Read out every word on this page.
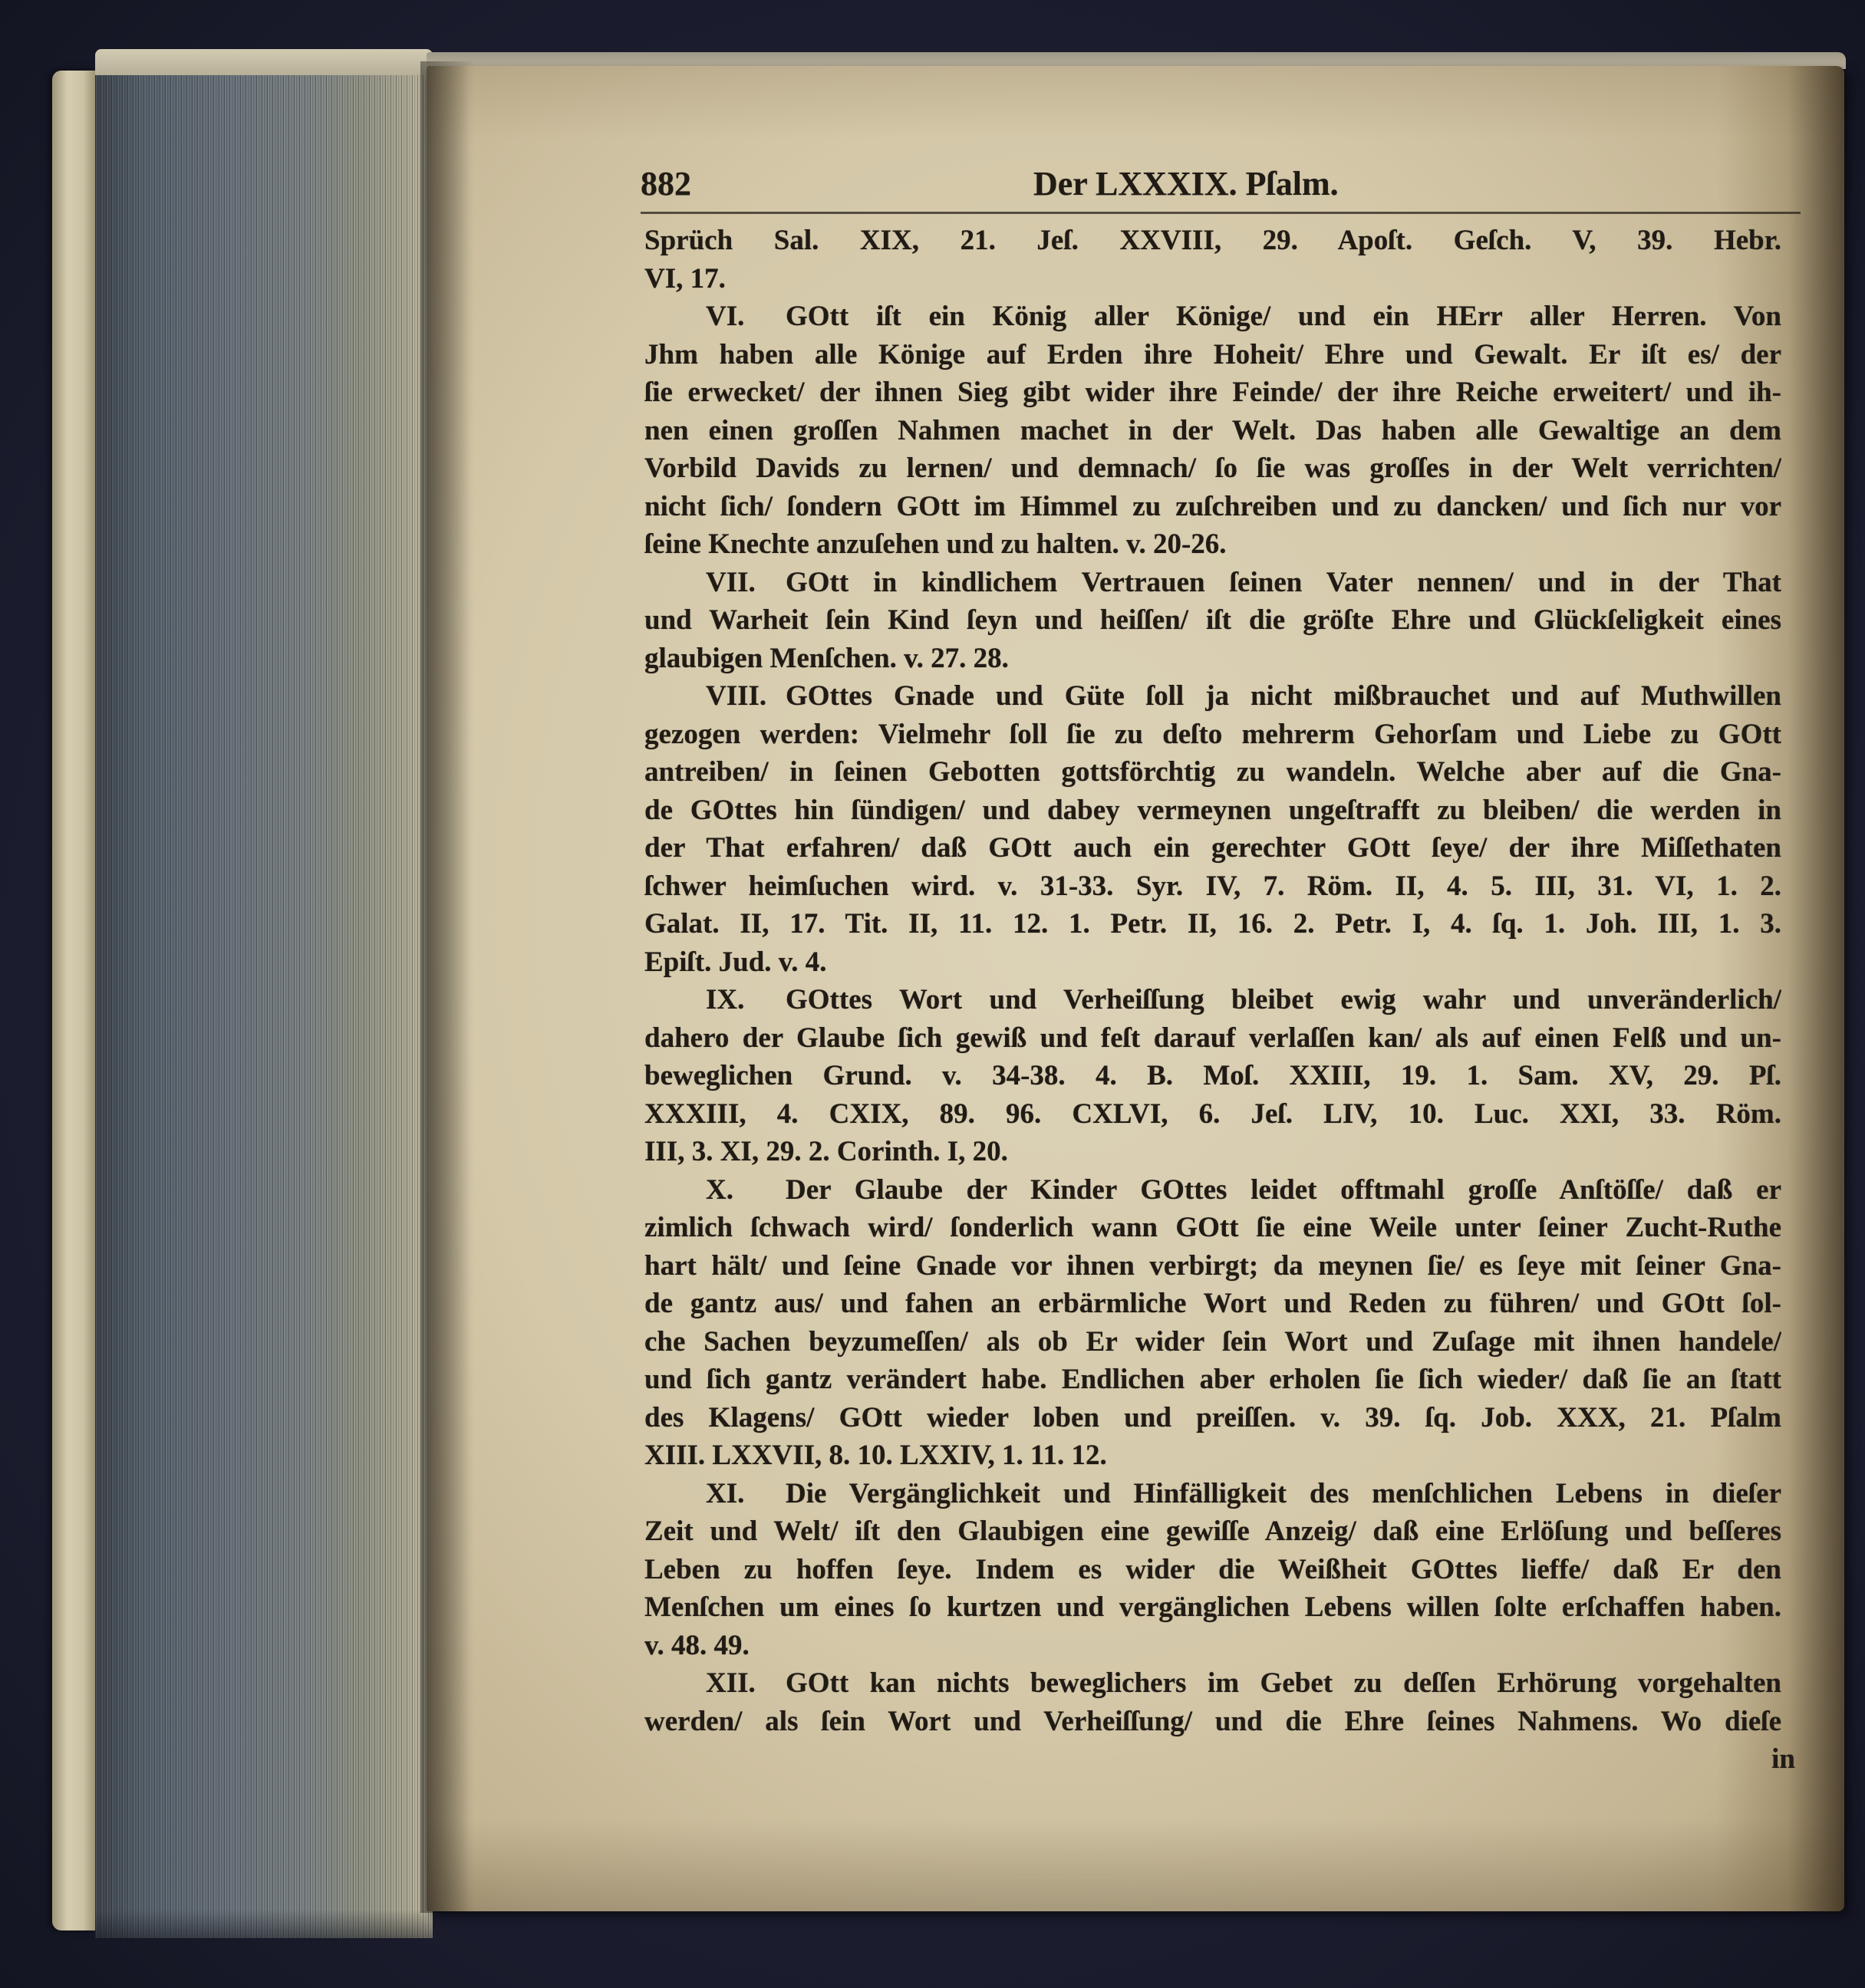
882	Der LXXXIX. Pſalm.
Sprüch Sal. XIX, 21. Jeſ. XXVIII, 29. Apoſt. Geſch. V, 39. Hebr.
VI, 17.
VI. GOtt iſt ein König aller Könige/ und ein HErr aller Herren. Von
Jhm haben alle Könige auf Erden ihre Hoheit/ Ehre und Gewalt. Er iſt es/ der
ſie erwecket/ der ihnen Sieg gibt wider ihre Feinde/ der ihre Reiche erweitert/ und ih-
nen einen groſſen Nahmen machet in der Welt. Das haben alle Gewaltige an dem
Vorbild Davids zu lernen/ und demnach/ ſo ſie was groſſes in der Welt verrichten/
nicht ſich/ ſondern GOtt im Himmel zu zuſchreiben und zu dancken/ und ſich nur vor
ſeine Knechte anzuſehen und zu halten. v. 20-26.
VII. GOtt in kindlichem Vertrauen ſeinen Vater nennen/ und in der That
und Warheit ſein Kind ſeyn und heiſſen/ iſt die gröſte Ehre und Glückſeligkeit eines
glaubigen Menſchen. v. 27. 28.
VIII. GOttes Gnade und Güte ſoll ja nicht mißbrauchet und auf Muthwillen
gezogen werden: Vielmehr ſoll ſie zu deſto mehrerm Gehorſam und Liebe zu GOtt
antreiben/ in ſeinen Gebotten gottsförchtig zu wandeln. Welche aber auf die Gna-
de GOttes hin ſündigen/ und dabey vermeynen ungeſtrafft zu bleiben/ die werden in
der That erfahren/ daß GOtt auch ein gerechter GOtt ſeye/ der ihre Miſſethaten
ſchwer heimſuchen wird. v. 31-33. Syr. IV, 7. Röm. II, 4. 5. III, 31. VI, 1. 2.
Galat. II, 17. Tit. II, 11. 12. 1. Petr. II, 16. 2. Petr. I, 4. ſq. 1. Joh. III, 1. 3.
Epiſt. Jud. v. 4.
IX. GOttes Wort und Verheiſſung bleibet ewig wahr und unveränderlich/
dahero der Glaube ſich gewiß und feſt darauf verlaſſen kan/ als auf einen Felß und un-
beweglichen Grund. v. 34-38. 4. B. Moſ. XXIII, 19. 1. Sam. XV, 29. Pſ.
XXXIII, 4. CXIX, 89. 96. CXLVI, 6. Jeſ. LIV, 10. Luc. XXI, 33. Röm.
III, 3. XI, 29. 2. Corinth. I, 20.
X. Der Glaube der Kinder GOttes leidet offtmahl groſſe Anſtöſſe/ daß er
zimlich ſchwach wird/ ſonderlich wann GOtt ſie eine Weile unter ſeiner Zucht-Ruthe
hart hält/ und ſeine Gnade vor ihnen verbirgt; da meynen ſie/ es ſeye mit ſeiner Gna-
de gantz aus/ und fahen an erbärmliche Wort und Reden zu führen/ und GOtt ſol-
che Sachen beyzumeſſen/ als ob Er wider ſein Wort und Zuſage mit ihnen handele/
und ſich gantz verändert habe. Endlichen aber erholen ſie ſich wieder/ daß ſie an ſtatt
des Klagens/ GOtt wieder loben und preiſſen. v. 39. ſq. Job. XXX, 21. Pſalm
XIII. LXXVII, 8. 10. LXXIV, 1. 11. 12.
XI. Die Vergänglichkeit und Hinfälligkeit des menſchlichen Lebens in dieſer
Zeit und Welt/ iſt den Glaubigen eine gewiſſe Anzeig/ daß eine Erlöſung und beſſeres
Leben zu hoffen ſeye. Indem es wider die Weißheit GOttes lieffe/ daß Er den
Menſchen um eines ſo kurtzen und vergänglichen Lebens willen ſolte erſchaffen haben.
v. 48. 49.
XII. GOtt kan nichts beweglichers im Gebet zu deſſen Erhörung vorgehalten
werden/ als ſein Wort und Verheiſſung/ und die Ehre ſeines Nahmens. Wo dieſe
in
